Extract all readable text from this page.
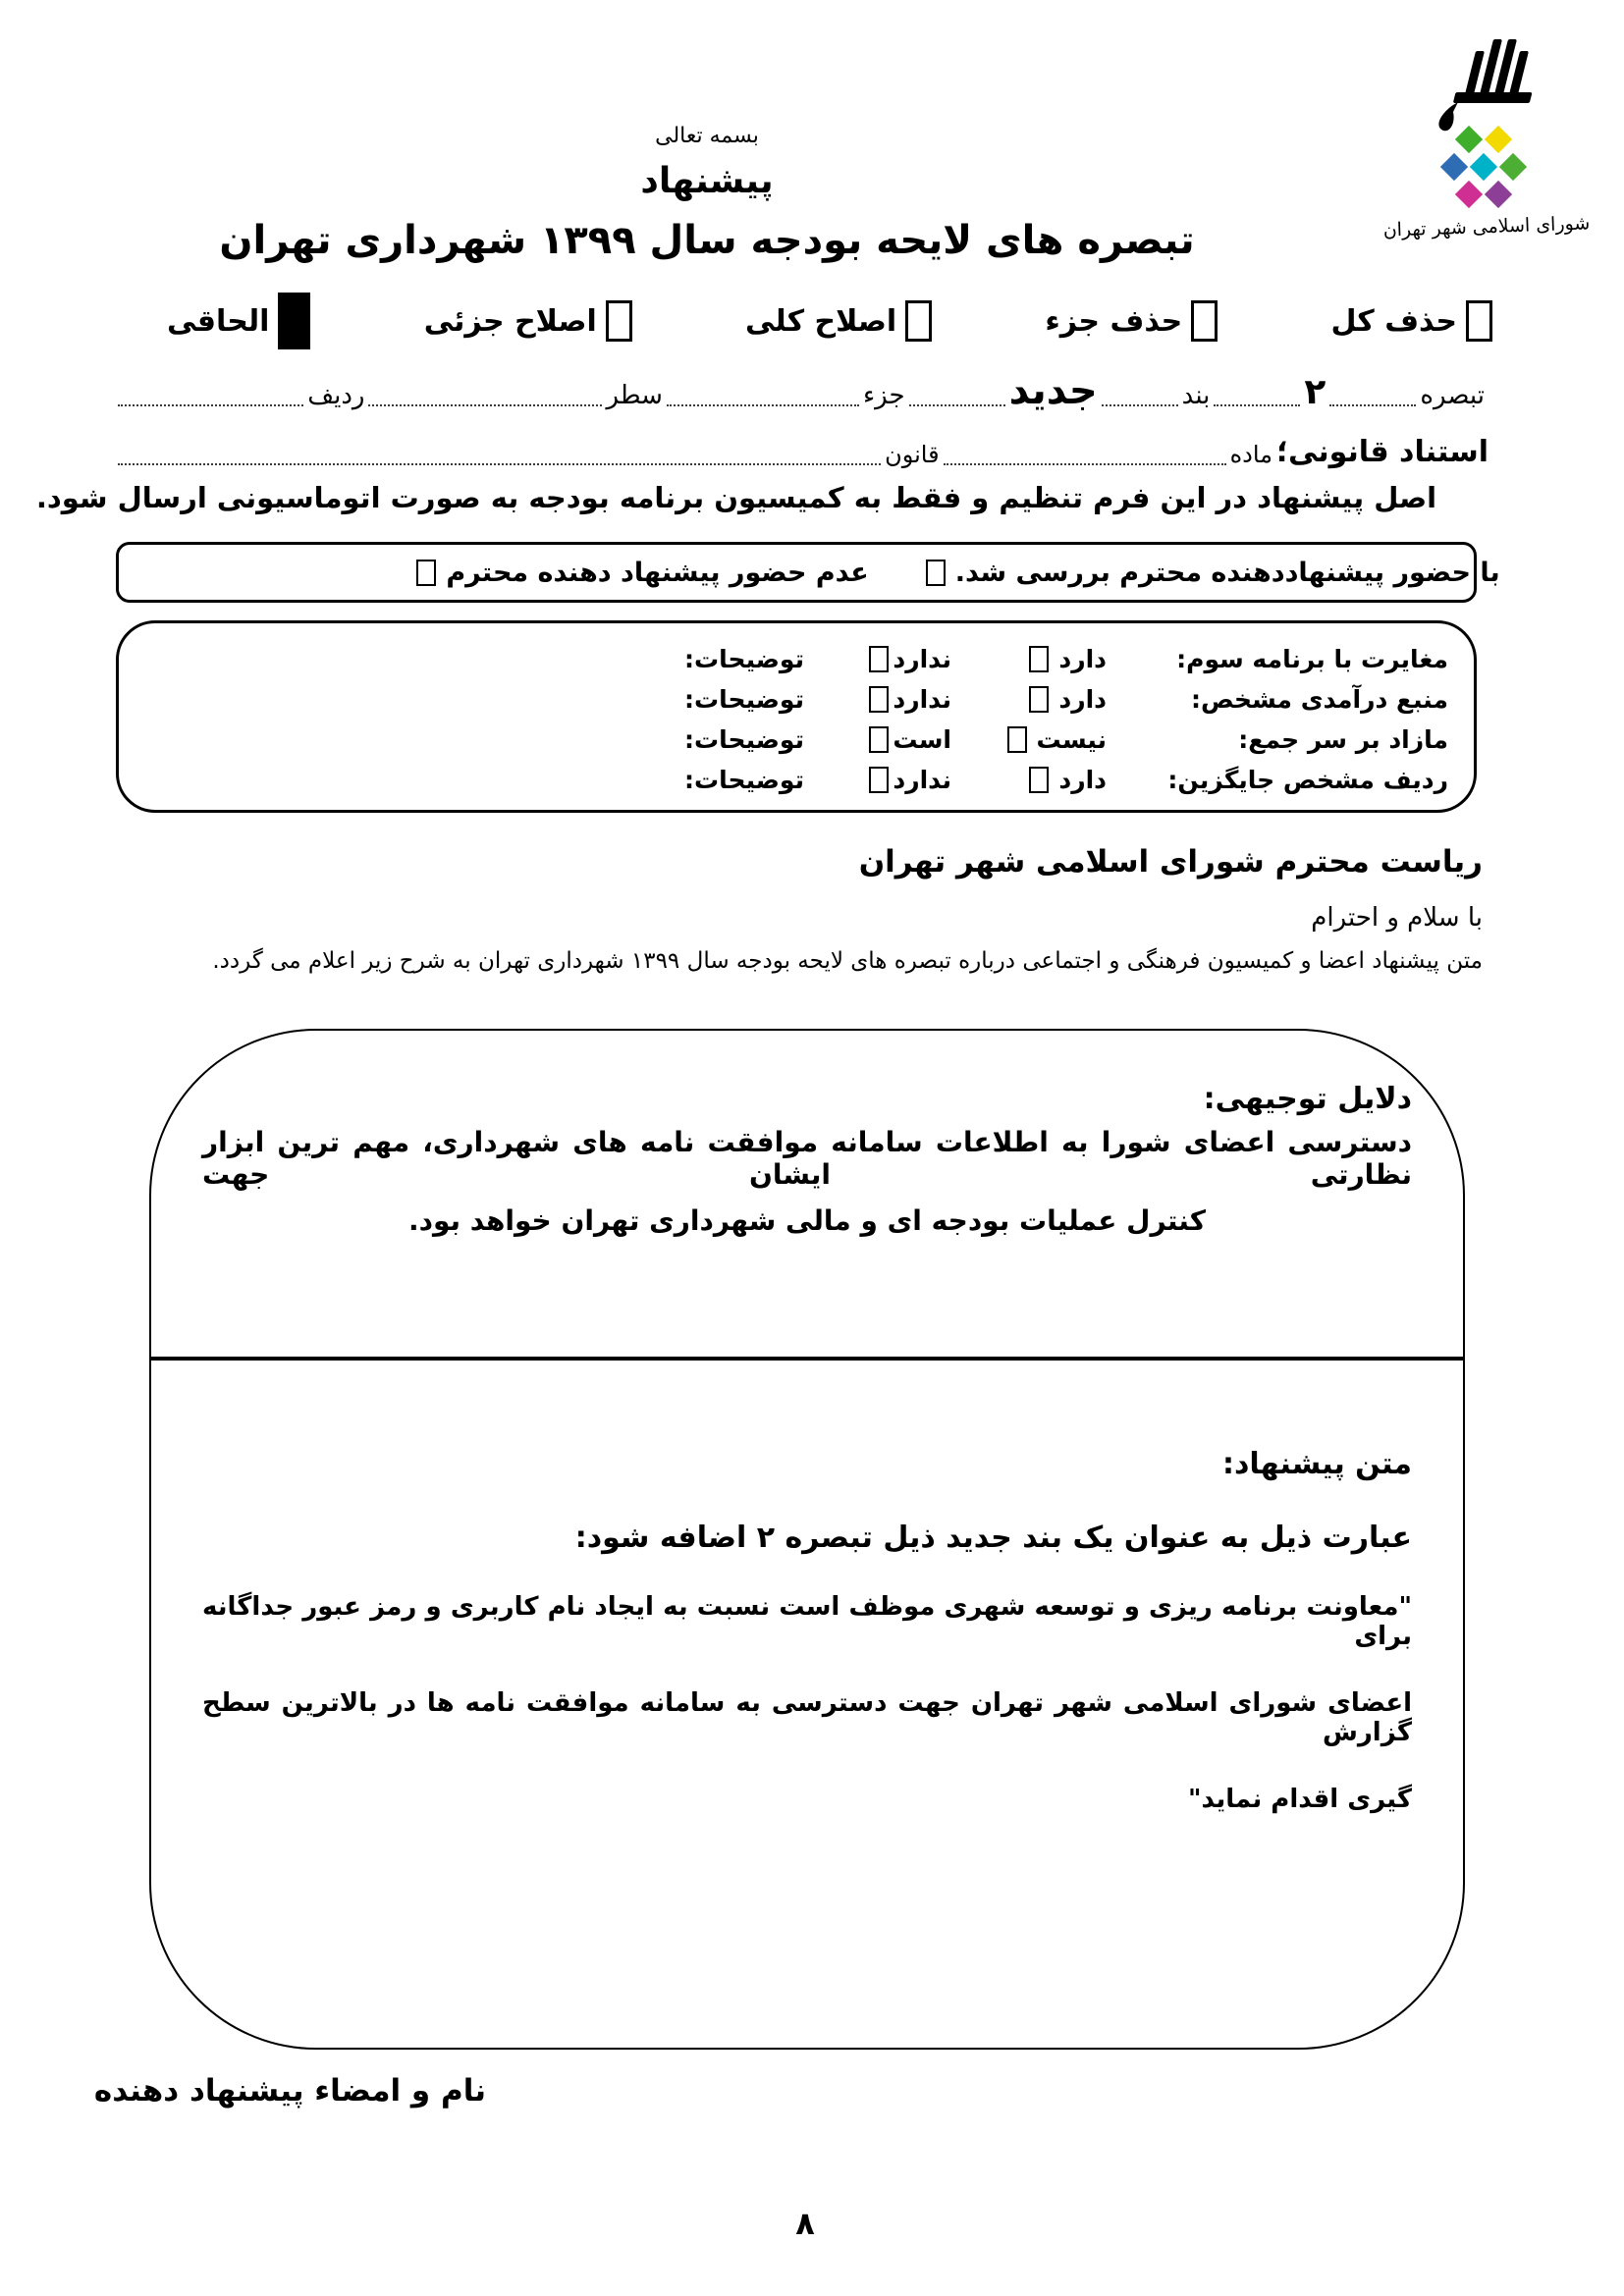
شورای اسلامی شهر تهران
بسمه تعالی
پیشنهاد
تبصره های لایحه بودجه سال ۱۳۹۹ شهرداری تهران
حذف کل
حذف جزء
اصلاح کلی
اصلاح جزئی
الحاقی
تبصره
۲
بند
جدید
جزء
سطر
ردیف
استناد قانونی؛
ماده
قانون
اصل پیشنهاد در این فرم تنظیم و فقط به کمیسیون برنامه بودجه به صورت اتوماسیونی ارسال شود.
با حضور پیشنهاددهنده محترم بررسی شد.
عدم حضور پیشنهاد دهنده محترم
مغایرت با برنامه سوم:
دارد
ندارد
توضیحات:
منبع درآمدی مشخص:
دارد
ندارد
توضیحات:
مازاد بر سر جمع:
نیست
است
توضیحات:
ردیف مشخص جایگزین:
دارد
ندارد
توضیحات:
ریاست محترم شورای اسلامی شهر تهران
با سلام و احترام
متن پیشنهاد اعضا و کمیسیون فرهنگی و اجتماعی درباره تبصره های لایحه بودجه سال ۱۳۹۹ شهرداری تهران به شرح زیر اعلام می گردد.
دلایل توجیهی:
دسترسی اعضای شورا به اطلاعات سامانه موافقت نامه های شهرداری، مهم ترین ابزار نظارتی ایشان جهت
کنترل عملیات بودجه ای و مالی شهرداری تهران خواهد بود.
متن پیشنهاد:
عبارت ذیل به عنوان یک بند جدید ذیل تبصره ۲ اضافه شود:
"معاونت برنامه ریزی و توسعه شهری موظف است نسبت به ایجاد نام کاربری و رمز عبور جداگانه برای
اعضای شورای اسلامی شهر تهران جهت دسترسی به سامانه موافقت نامه ها در بالاترین سطح گزارش
گیری اقدام نماید"
نام و امضاء پیشنهاد دهنده
۸
